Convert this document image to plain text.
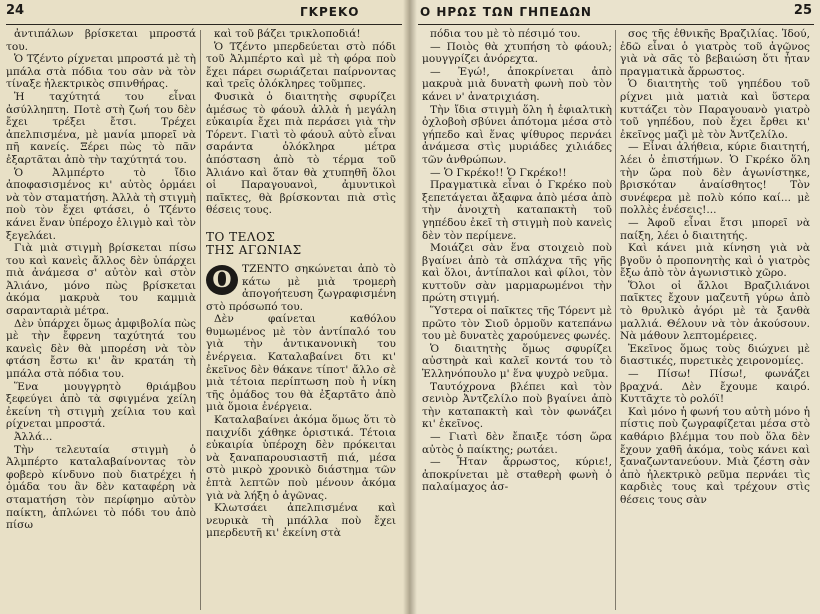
24	ΓΚΡΕΚΟ

ἀντιπάλων βρίσκεται μπροστά του.

Ὁ Τζέντο ρίχνεται μπροστά μὲ τὴ μπάλα στὰ πόδια του σὰν νὰ τὸν τίναξε ἠλεκτρικὸς σπινθήρας.

Ἡ ταχύτητά του εἶναι ἀσύλληπτη. Ποτὲ στὴ ζωή του δὲν ἔχει τρέξει ἔτσι. Τρέχει ἀπελπισμένα, μὲ μανία μπορεῖ νὰ πῆ κανείς. Ξέρει πὼς τὸ πᾶν ἐξαρτᾶται ἀπὸ τὴν ταχύτητά του.

Ὁ Ἀλμπέρτο τὸ ἴδιο ἀποφασισμένος κι' αὐτὸς ὁρμάει νὰ τὸν σταματήση. Ἀλλὰ τὴ στιγμὴ ποὺ τὸν ἔχει φτάσει, ὁ Τζέντο κάνει ἕναν ὑπέροχο ἐλιγμὸ καὶ τὸν ξεγελάει.

Γιὰ μιὰ στιγμὴ βρίσκεται πίσω του καὶ κανεὶς ἄλλος δὲν ὑπάρχει πιὰ ἀνάμεσα σ' αὐτὸν καὶ στὸν Ἀλιάνο, μόνο πὼς βρίσκεται ἀκόμα μακρυὰ του καμμιὰ σαρανταριὰ μέτρα.

Δὲν ὑπάρχει ὅμως ἀμφιβολία πὼς μὲ τὴν ἔφρενη ταχύτητά του κανεὶς δὲν θὰ μπορέση νὰ τὸν φτάση ἔστω κι' ἂν κρατάη τὴ μπάλα στὰ πόδια του.

Ἕνα μουγγρητὸ θριάμβου ξεφεύγει ἀπὸ τὰ σφιγμένα χείλη ἐκείνη τὴ στιγμὴ χείλια του καὶ ρίχνεται μπροστά.

Ἀλλά...

Τὴν τελευταία στιγμὴ ὁ Ἀλμπέρτο καταλαβαίνοντας τὸν φοβερὸ κίνδυνο ποὺ διατρέχει ἡ ὁμάδα του ἂν δὲν καταφέρη νὰ σταματήση τὸν περίφημο αὐτὸν παίκτη, ἁπλώνει τὸ πόδι του ἀπὸ πίσω

καὶ τοῦ βάζει τρικλοποδιά!

Ὁ Τζέντο μπερδεύεται στὸ πόδι τοῦ Ἀλμπέρτο καὶ μὲ τὴ φόρα ποὺ ἔχει πάρει σωριάζεται παίρνοντας καὶ τρεῖς ὁλόκληρες τοῦμπες.

Φυσικὰ ὁ διαιτητὴς σφυρίζει ἀμέσως τὸ φάουλ ἀλλὰ ἡ μεγάλη εὐκαιρία ἔχει πιὰ περάσει γιὰ τὴν Τόρεντ. Γιατὶ τὸ φάουλ αὐτὸ εἶναι σαράντα ὁλόκληρα μέτρα ἀπόσταση ἀπὸ τὸ τέρμα τοῦ Ἀλιάνο καὶ ὅταν θὰ χτυπηθῆ ὅλοι οἱ Παραγουανοὶ, ἀμυντικοὶ παῖκτες, θὰ βρίσκονται πιὰ στὶς θέσεις τους.

ΤΟ ΤΕΛΟΣ
ΤΗΣ ΑΓΩΝΙΑΣ

Ο ΤΖΕΝΤΟ σηκώνεται ἀπὸ τὸ κάτω μὲ μιὰ τρομερὴ ἀπογοήτευση ζωγραφισμένη στὸ πρόσωπό του.

Δὲν φαίνεται καθόλου θυμωμένος μὲ τὸν ἀντίπαλό του γιὰ τὴν ἀντικανονικὴ του ἐνέργεια. Καταλαβαίνει δτι κι' ἐκεῖνος δὲν θάκανε τίποτ' ἄλλο σὲ μιὰ τέτοια περίπτωση ποὺ ἡ νίκη τῆς ὁμάδος του θὰ ἐξαρτᾶτο ἀπὸ μιὰ ὅμοια ἐνέργεια.

Καταλαβαίνει ἀκόμα ὅμως ὅτι τὸ παιχνίδι χάθηκε ὁριστικά. Τέτοια εὐκαιρία ὑπέροχη δὲν πρόκειται νὰ ξαναπαρουσιαστῆ πιά, μέσα στὸ μικρὸ χρονικὸ διάστημα τῶν ἑπτὰ λεπτῶν ποὺ μένουν ἀκόμα γιὰ νὰ λήξη ὁ ἀγῶνας.

Κλωτσάει ἀπελπισμένα καὶ νευρικὰ τὴ μπάλλα ποὺ ἔχει μπερδευτῆ κι' ἐκείνη στὰ

Ο ΗΡΩΣ ΤΩΝ ΓΗΠΕΔΩΝ	25

πόδια του μὲ τὸ πέσιμό του.

— Ποιὸς θὰ χτυπήση τὸ φάουλ; μουγγρίζει ἀνόρεχτα.

— Ἐγώ!, ἀποκρίνεται ἀπὸ μακρυὰ μιὰ δυνατὴ φωνὴ ποὺ τὸν κάνει ν' ἀνατριχιάση.

Τὴν ἴδια στιγμὴ ὅλη ἡ ἐφιαλτικὴ ὀχλοβοὴ σβύνει ἀπότομα μέσα στὸ γήπεδο καὶ ἕνας ψίθυρος περνάει ἀνάμεσα στὶς μυριάδες χιλιάδες τῶν ἀνθρώπων.

— Ὁ Γκρέκο!! Ὁ Γκρέκο!!

Πραγματικὰ εἶναι ὁ Γκρέκο ποὺ ξεπετάγεται ἄξαφνα ἀπὸ μέσα ἀπὸ τὴν ἀνοιχτὴ καταπακτὴ τοῦ γηπέδου ἐκεῖ τὴ στιγμὴ ποὺ κανεὶς δὲν τὸν περίμενε.

Μοιάζει σὰν ἕνα στοιχειὸ ποὺ βγαίνει ἀπὸ τὰ σπλάχνα τῆς γῆς καὶ ὅλοι, ἀντίπαλοι καὶ φίλοι, τὸν κυττοῦν σὰν μαρμαρωμένοι τὴν πρώτη στιγμή.

Ὕστερα οἱ παῖκτες τῆς Τόρεντ μὲ πρῶτο τὸν Σιοῦ ὁρμοῦν κατεπάνω του μὲ δυνατὲς χαρούμενες φωνές.

Ὁ διαιτητὴς ὅμως σφυρίζει αὐστηρὰ καὶ καλεῖ κοντά του τὸ Ἑλληνόπουλο μ' ἕνα ψυχρὸ νεῦμα.

Ταυτόχρονα βλέπει καὶ τὸν σενιὸρ Ἀντζελίλο ποὺ βγαίνει ἀπὸ τὴν καταπακτὴ καὶ τὸν φωνάζει κι' ἐκεῖνος.

— Γιατὶ δὲν ἔπαιξε τόση ὥρα αὐτὸς ὁ παίκτης; ρωτάει.

— Ἦταν ἄρρωστος, κύριε!, ἀποκρίνεται μὲ σταθερὴ φωνὴ ὁ παλαίμαχος ἀσ-

σος τῆς ἐθνικῆς Βραζιλίας. Ἰδού, ἐδῶ εἶναι ὁ γιατρὸς τοῦ ἀγῶνος γιὰ νὰ σᾶς τὸ βεβαιώση ὅτι ἦταν πραγματικὰ ἄρρωστος.

Ὁ διαιτητὴς τοῦ γηπέδου τοῦ ρίχνει μιὰ ματιὰ καὶ ὕστερα κυττάζει τὸν Παραγουανὸ γιατρὸ τοῦ γηπέδου, ποὺ ἔχει ἔρθει κι' ἐκεῖνος μαζὶ μὲ τὸν Ἀντζελίλο.

— Εἶναι ἀλήθεια, κύριε διαιτητή, λέει ὁ ἐπιστήμων. Ὁ Γκρέκο ὅλη τὴν ὥρα ποὺ δὲν ἀγωνίστηκε, βρισκόταν ἀναίσθητος! Τὸν συνέφερα μὲ πολὺ κόπο καί... μὲ πολλὲς ἐνέσεις!...

— Ἀφοῦ εἶναι ἔτσι μπορεῖ νὰ παίξη, λέει ὁ διαιτητής.

Καὶ κάνει μιὰ κίνηση γιὰ νὰ βγοῦν ὁ προπονητὴς καὶ ὁ γιατρὸς ἔξω ἀπὸ τὸν ἀγωνιστικὸ χῶρο.

Ὅλοι οἱ ἄλλοι Βραζιλιάνοι παῖκτες ἔχουν μαζευτῆ γύρω ἀπὸ τὸ θρυλικὸ ἀγόρι μὲ τὰ ξανθὰ μαλλιά. Θέλουν νὰ τὸν ἀκούσουν. Νὰ μάθουν λεπτομέρειες.

Ἐκεῖνος ὅμως τοὺς διώχνει μὲ διαστικές, πυρετικὲς χειρονομίες.

— Πίσω! Πίσω!, φωνάζει βραχνά. Δὲν ἔχουμε καιρό. Κυττᾶχτε τὸ ρολόϊ!

Καὶ μόνο ἡ φωνή του αὐτὴ μόνο ἡ πίστις ποὺ ζωγραφίζεται μέσα στὸ καθάριο βλέμμα του ποὺ ὅλα δὲν ἔχουν χαθῆ ἀκόμα, τοὺς κάνει καὶ ξαναζωντανεύουν. Μιὰ ζέστη σὰν ἀπὸ ἠλεκτρικὸ ρεῦμα περνάει τὶς καρδιὲς τους καὶ τρέχουν στὶς θέσεις τους σὰν
